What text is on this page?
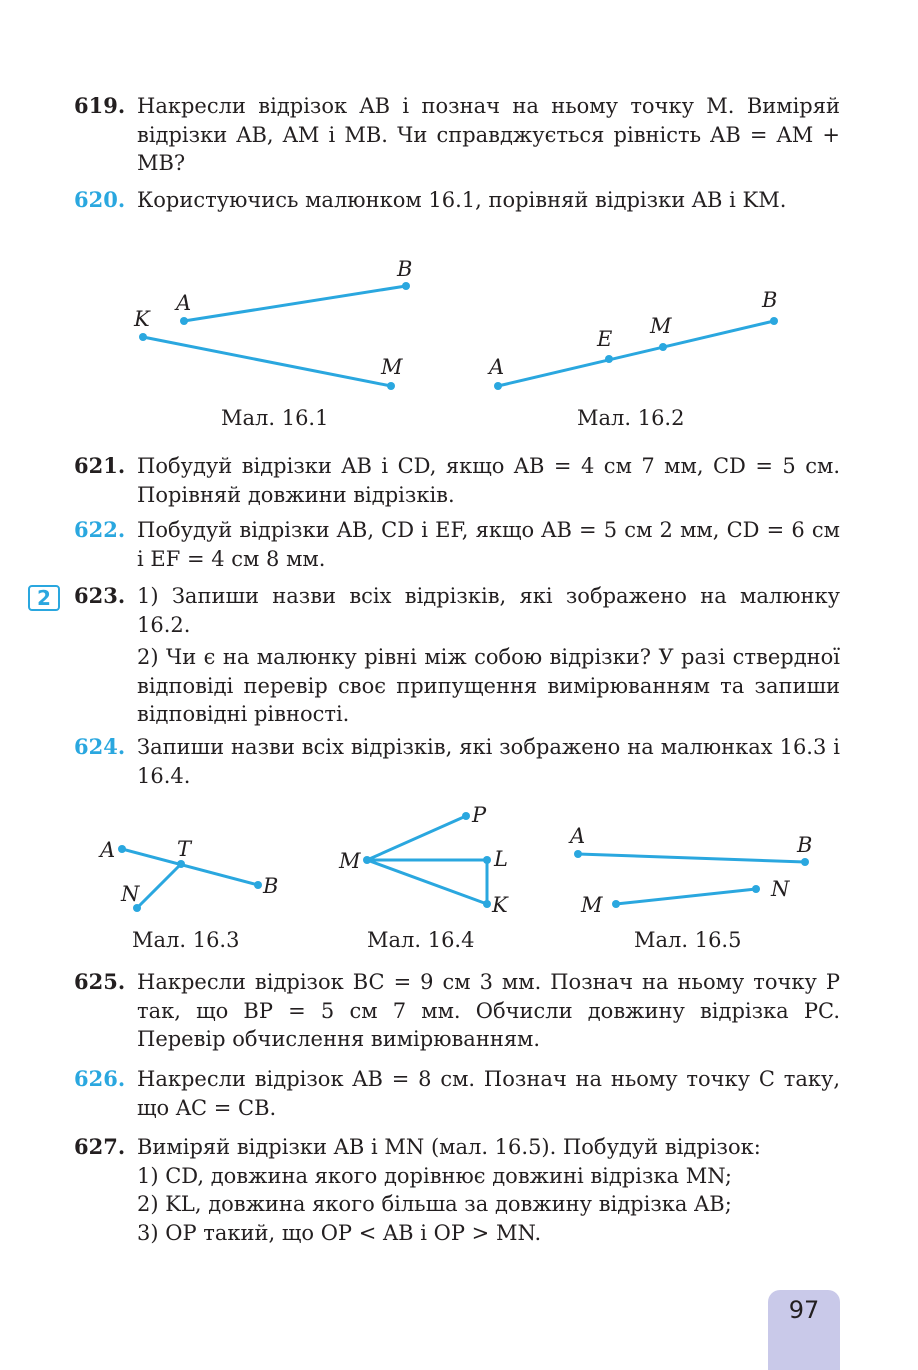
619. Накресли відрізок AB і познач на ньому точку M. Виміряй відрізки AB, AM і MB. Чи справджується рівність AB = AM + MB?
620. Користуючись малюнком 16.1, порівняй відрізки AB і KM.
K
A
B
M	A
E
M
B
Мал. 16.1	Мал. 16.2
621. Побудуй відрізки AB і CD, якщо AB = 4 см 7 мм, CD = 5 см. Порівняй довжини відрізків.
622. Побудуй відрізки AB, CD і EF, якщо AB = 5 см 2 мм, CD = 6 см і EF = 4 см 8 мм.
2	623. 1) Запиши назви всіх відрізків, які зображено на малюнку 16.2.
2) Чи є на малюнку рівні між собою відрізки? У разі ствердної відповіді перевір своє припущення вимірюванням та запиши відповідні рівності.
624. Запиши назви всіх відрізків, які зображено на малюнках 16.3 і 16.4.
A	T
N	B
M
P
L
K
A	B
M
N
Мал. 16.3	Мал. 16.4	Мал. 16.5
625. Накресли відрізок BC = 9 см 3 мм. Познач на ньому точку P так, що BP = 5 см 7 мм. Обчисли довжину відрізка PC. Перевір обчислення вимірюванням.
626. Накресли відрізок AB = 8 см. Познач на ньому точку C таку, що AC = CB.
627. Виміряй відрізки AB і MN (мал. 16.5). Побудуй відрізок:
1) CD, довжина якого дорівнює довжині відрізка MN;
2) KL, довжина якого більша за довжину відрізка AB;
3) OP такий, що OP < AB і OP > MN.
97
